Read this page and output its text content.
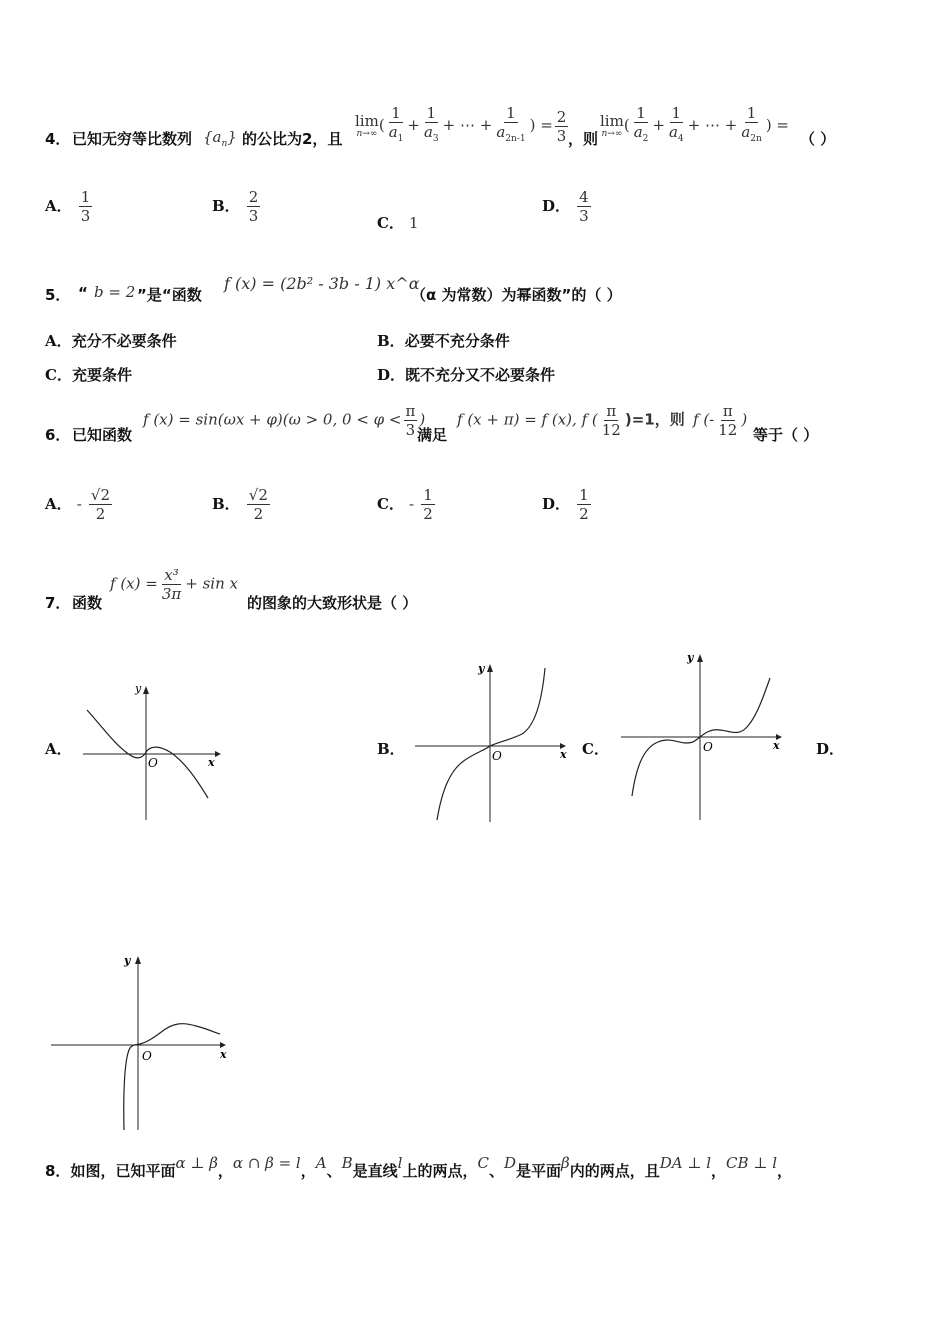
4． 已知无穷等比数列 $\{a_n\}$ 的公比为2，且
lim
n→∞ ( $\frac{1}{a_1} + \frac{1}{a_3}$ + ⋯ + $\frac{1}{a_{2n-1}}$ ) = $\frac{2}{3}$ ，则
lim
n→∞ ( $\frac{1}{a_2} + \frac{1}{a_4}$ + ⋯ + $\frac{1}{a_{2n}}$ ) =
（ ）
A． $\frac{1}{3}$	B． $\frac{2}{3}$	C． 1
D． $\frac{4}{3}$
5． “ b = 2 ”是“函数
f (x) = (2b² - 3b - 1) x^α
（α 为常数）为幂函数”的（ ）
A．充分不必要条件	B．必要不充分条件
C．充要条件	D．既不充分又不必要条件
6． 已知函数
f (x) = sin(ωx + φ)(ω > 0, $0 < \varphi < \frac{\pi}{3}$ )
满足
f (x + π) = f (x), f ( $\frac{\pi}{12} )=1$，则 f (- $\frac{\pi}{12}$ )
等于（ ）
A． - $\frac{√2}{2}$	B． $\frac{√2}{2}$	C． - $\frac{1}{2}$	D． $\frac{1}{2}$
7． 函数
f $(x) = \frac{\text{x³}}{3\pi} + \sin x$
的图象的大致形状是（ ）
A．	B．	C．	D．
y
x
O
y
x
O
y
x
O
y
x
O
8．如图，已知平面α ⊥ β，α ∩ β = l，A、B是直线l上的两点，C、D是平面β内的两点，且DA ⊥ l，CB ⊥ l，
